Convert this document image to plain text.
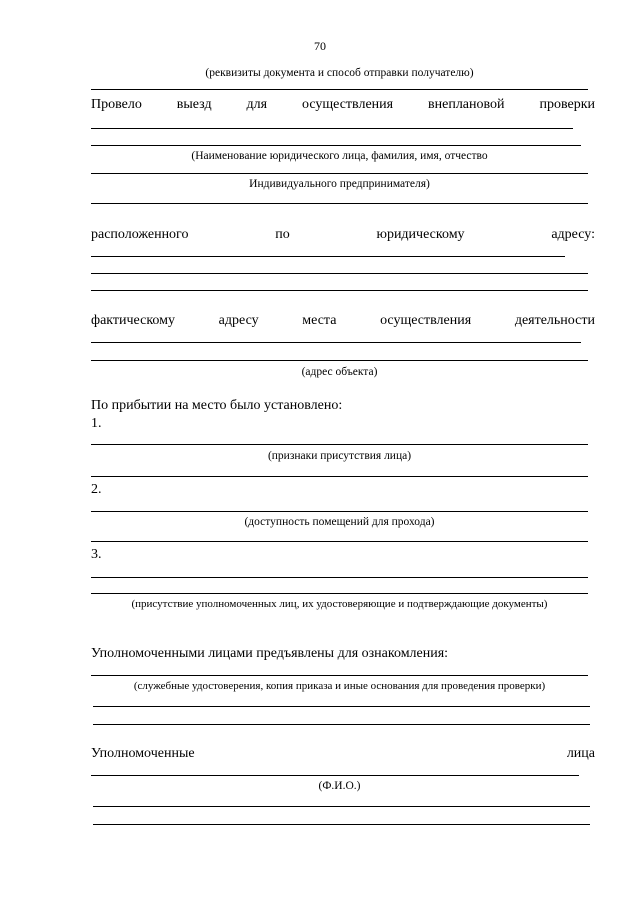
70
(реквизиты документа и способ отправки получателю)
Провело выезд для осуществления внеплановой проверки
(Наименование юридического лица, фамилия, имя, отчество
Индивидуального предпринимателя)
расположенного	по	юридическому	адресу:
фактическому	адресу	места	осуществления	деятельности
(адрес объекта)
По прибытии на место было установлено:
1.
(признаки присутствия лица)
2.
(доступность помещений для прохода)
3.
(присутствие уполномоченных лиц, их удостоверяющие и подтверждающие документы)
Уполномоченными лицами предъявлены для ознакомления:
(служебные удостоверения, копия приказа и иные основания для проведения проверки)
Уполномоченные	лица
(Ф.И.О.)
